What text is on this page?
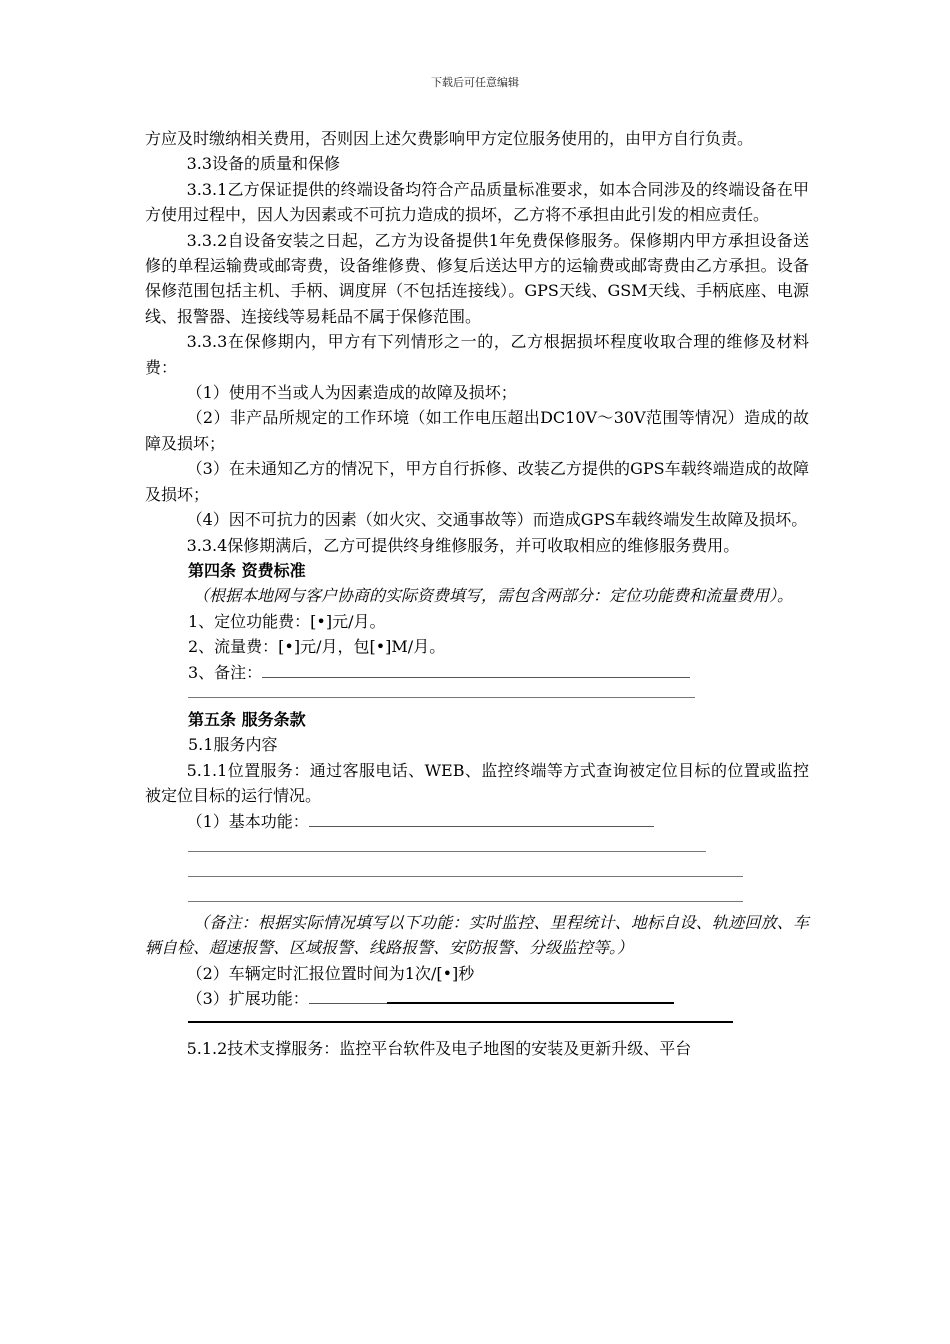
下载后可任意编辑

方应及时缴纳相关费用，否则因上述欠费影响甲方定位服务使用的，由甲方自行负责。

3.3设备的质量和保修

3.3.1乙方保证提供的终端设备均符合产品质量标准要求，如本合同涉及的终端设备在甲方使用过程中，因人为因素或不可抗力造成的损坏，乙方将不承担由此引发的相应责任。

3.3.2自设备安装之日起，乙方为设备提供1年免费保修服务。保修期内甲方承担设备送修的单程运输费或邮寄费，设备维修费、修复后送达甲方的运输费或邮寄费由乙方承担。设备保修范围包括主机、手柄、调度屏（不包括连接线）。GPS天线、GSM天线、手柄底座、电源线、报警器、连接线等易耗品不属于保修范围。

3.3.3在保修期内，甲方有下列情形之一的，乙方根据损坏程度收取合理的维修及材料费：

（1）使用不当或人为因素造成的故障及损坏；

（2）非产品所规定的工作环境（如工作电压超出DC10V～30V范围等情况）造成的故障及损坏；

（3）在未通知乙方的情况下，甲方自行拆修、改装乙方提供的GPS车载终端造成的故障及损坏；

（4）因不可抗力的因素（如火灾、交通事故等）而造成GPS车载终端发生故障及损坏。

3.3.4保修期满后，乙方可提供终身维修服务，并可收取相应的维修服务费用。

第四条 资费标准

（根据本地网与客户协商的实际资费填写，需包含两部分：定位功能费和流量费用）。

1、定位功能费：[•]元/月。

2、流量费：[•]元/月，包[•]M/月。

3、备注：

第五条 服务条款

5.1服务内容

5.1.1位置服务：通过客服电话、WEB、监控终端等方式查询被定位目标的位置或监控被定位目标的运行情况。

（1）基本功能：

（备注：根据实际情况填写以下功能：实时监控、里程统计、地标自设、轨迹回放、车辆自检、超速报警、区域报警、线路报警、安防报警、分级监控等。）

（2）车辆定时汇报位置时间为1次/[•]秒

（3）扩展功能：

5.1.2技术支撑服务：监控平台软件及电子地图的安装及更新升级、平台
